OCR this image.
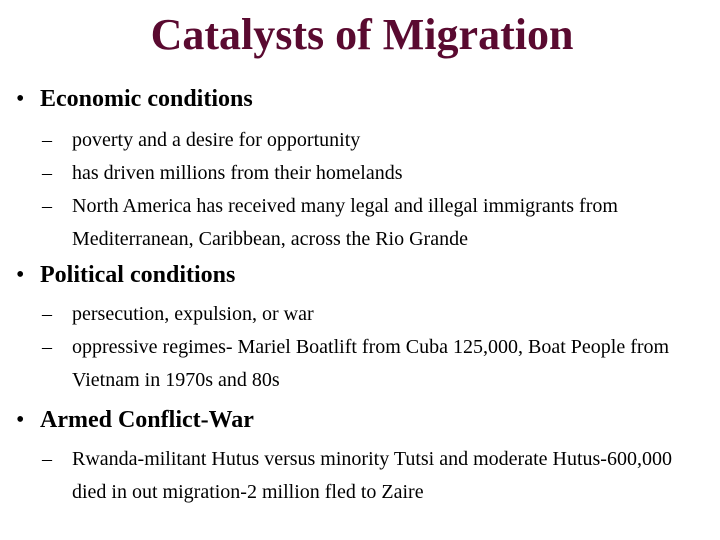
Catalysts of Migration
• Economic conditions
– poverty and a desire for opportunity
– has driven millions from their homelands
– North America has received many legal and illegal immigrants from Mediterranean, Caribbean, across the Rio Grande
• Political conditions
– persecution, expulsion, or war
– oppressive regimes- Mariel Boatlift from Cuba 125,000, Boat People from Vietnam in 1970s and 80s
• Armed Conflict-War
– Rwanda-militant Hutus versus minority Tutsi and moderate Hutus-600,000 died in out migration-2 million fled to Zaire
